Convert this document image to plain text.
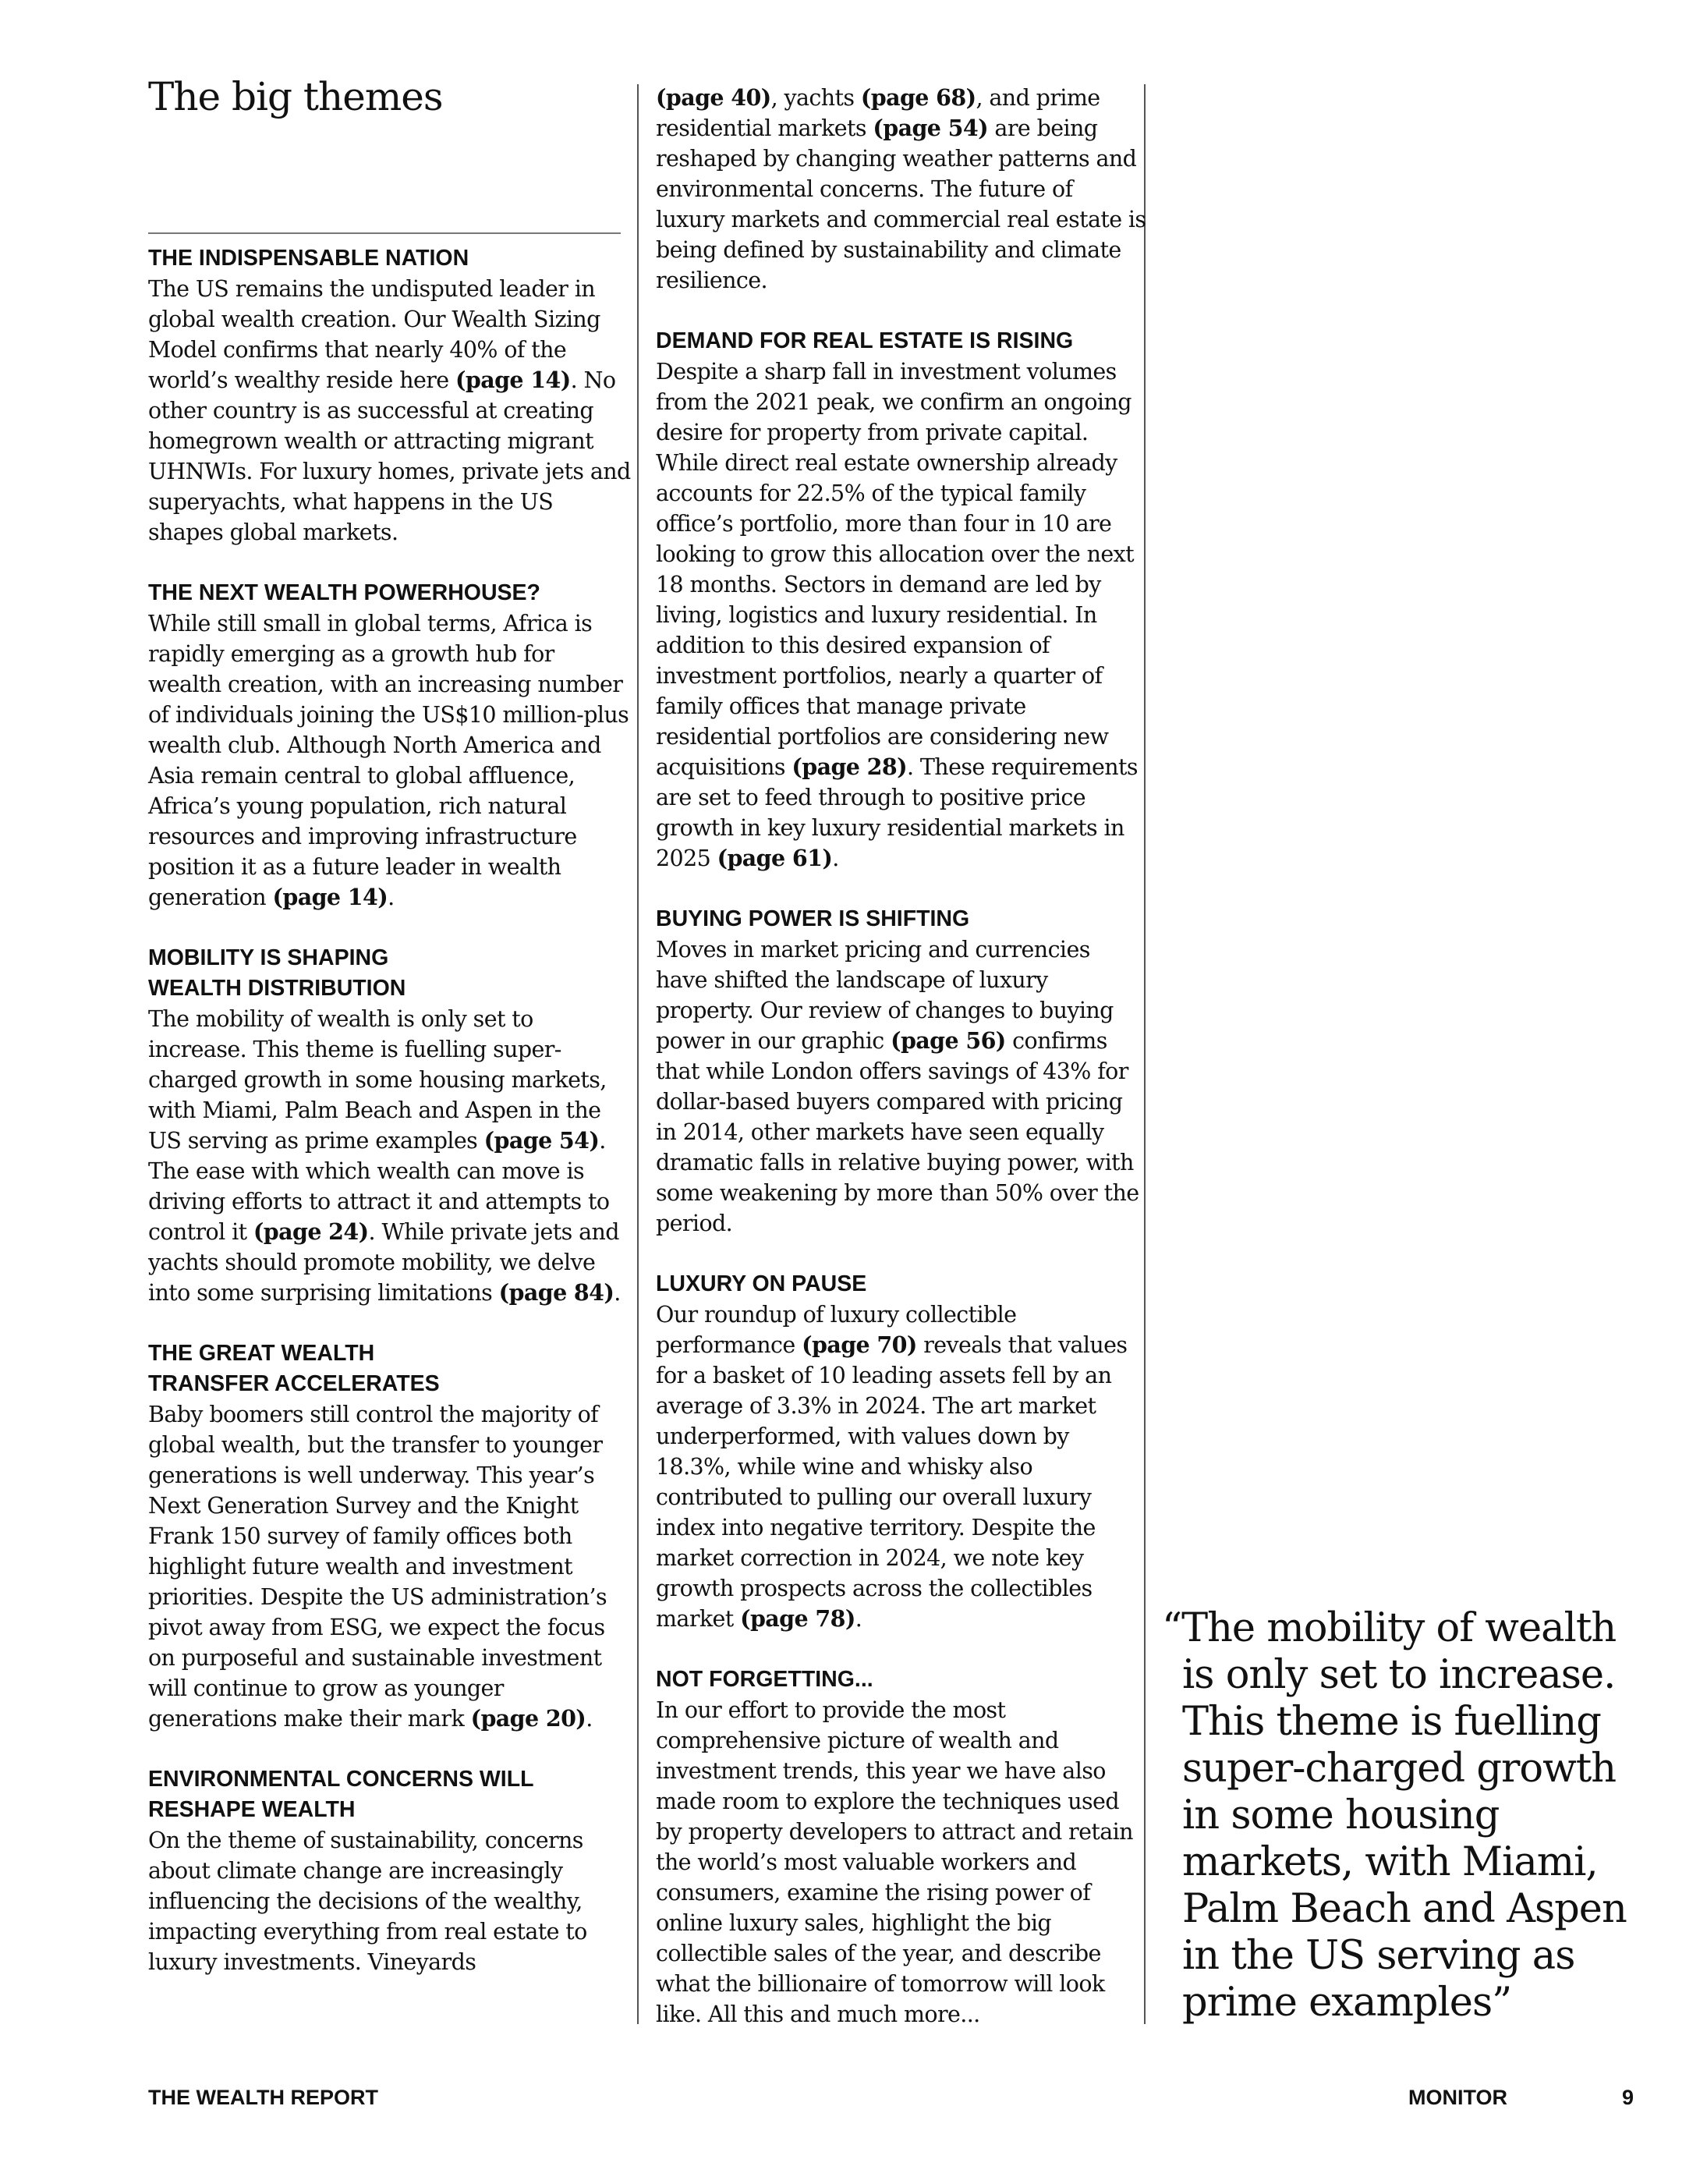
The big themes
THE INDISPENSABLE NATION
The US remains the undisputed leader in global wealth creation. Our Wealth Sizing Model confirms that nearly 40% of the world’s wealthy reside here (page 14). No other country is as successful at creating homegrown wealth or attracting migrant UHNWIs. For luxury homes, private jets and superyachts, what happens in the US shapes global markets.
THE NEXT WEALTH POWERHOUSE?
While still small in global terms, Africa is rapidly emerging as a growth hub for wealth creation, with an increasing number of individuals joining the US$10 million-plus wealth club. Although North America and Asia remain central to global affluence, Africa’s young population, rich natural resources and improving infrastructure position it as a future leader in wealth generation (page 14).
MOBILITY IS SHAPING
WEALTH DISTRIBUTION
The mobility of wealth is only set to increase. This theme is fuelling super-charged growth in some housing markets, with Miami, Palm Beach and Aspen in the US serving as prime examples (page 54). The ease with which wealth can move is driving efforts to attract it and attempts to control it (page 24). While private jets and yachts should promote mobility, we delve into some surprising limitations (page 84).
THE GREAT WEALTH
TRANSFER ACCELERATES
Baby boomers still control the majority of global wealth, but the transfer to younger generations is well underway. This year’s Next Generation Survey and the Knight Frank 150 survey of family offices both highlight future wealth and investment priorities. Despite the US administration’s pivot away from ESG, we expect the focus on purposeful and sustainable investment will continue to grow as younger generations make their mark (page 20).
ENVIRONMENTAL CONCERNS WILL
RESHAPE WEALTH
On the theme of sustainability, concerns about climate change are increasingly influencing the decisions of the wealthy, impacting everything from real estate to luxury investments. Vineyards
(page 40), yachts (page 68), and prime residential markets (page 54) are being reshaped by changing weather patterns and environmental concerns. The future of luxury markets and commercial real estate is being defined by sustainability and climate resilience.
DEMAND FOR REAL ESTATE IS RISING
Despite a sharp fall in investment volumes from the 2021 peak, we confirm an ongoing desire for property from private capital. While direct real estate ownership already accounts for 22.5% of the typical family office’s portfolio, more than four in 10 are looking to grow this allocation over the next 18 months. Sectors in demand are led by living, logistics and luxury residential. In addition to this desired expansion of investment portfolios, nearly a quarter of family offices that manage private residential portfolios are considering new acquisitions (page 28). These requirements are set to feed through to positive price growth in key luxury residential markets in 2025 (page 61).
BUYING POWER IS SHIFTING
Moves in market pricing and currencies have shifted the landscape of luxury property. Our review of changes to buying power in our graphic (page 56) confirms that while London offers savings of 43% for dollar-based buyers compared with pricing in 2014, other markets have seen equally dramatic falls in relative buying power, with some weakening by more than 50% over the period.
LUXURY ON PAUSE
Our roundup of luxury collectible performance (page 70) reveals that values for a basket of 10 leading assets fell by an average of 3.3% in 2024. The art market underperformed, with values down by 18.3%, while wine and whisky also contributed to pulling our overall luxury index into negative territory. Despite the market correction in 2024, we note key growth prospects across the collectibles market (page 78).
NOT FORGETTING...
In our effort to provide the most comprehensive picture of wealth and investment trends, this year we have also made room to explore the techniques used by property developers to attract and retain the world’s most valuable workers and consumers, examine the rising power of online luxury sales, highlight the big collectible sales of the year, and describe what the billionaire of tomorrow will look like. All this and much more...
“The mobility of wealth
is only set to increase.
This theme is fuelling
super-charged growth
in some housing
markets, with Miami,
Palm Beach and Aspen
in the US serving as
prime examples”
THE WEALTH REPORT	MONITOR	9
